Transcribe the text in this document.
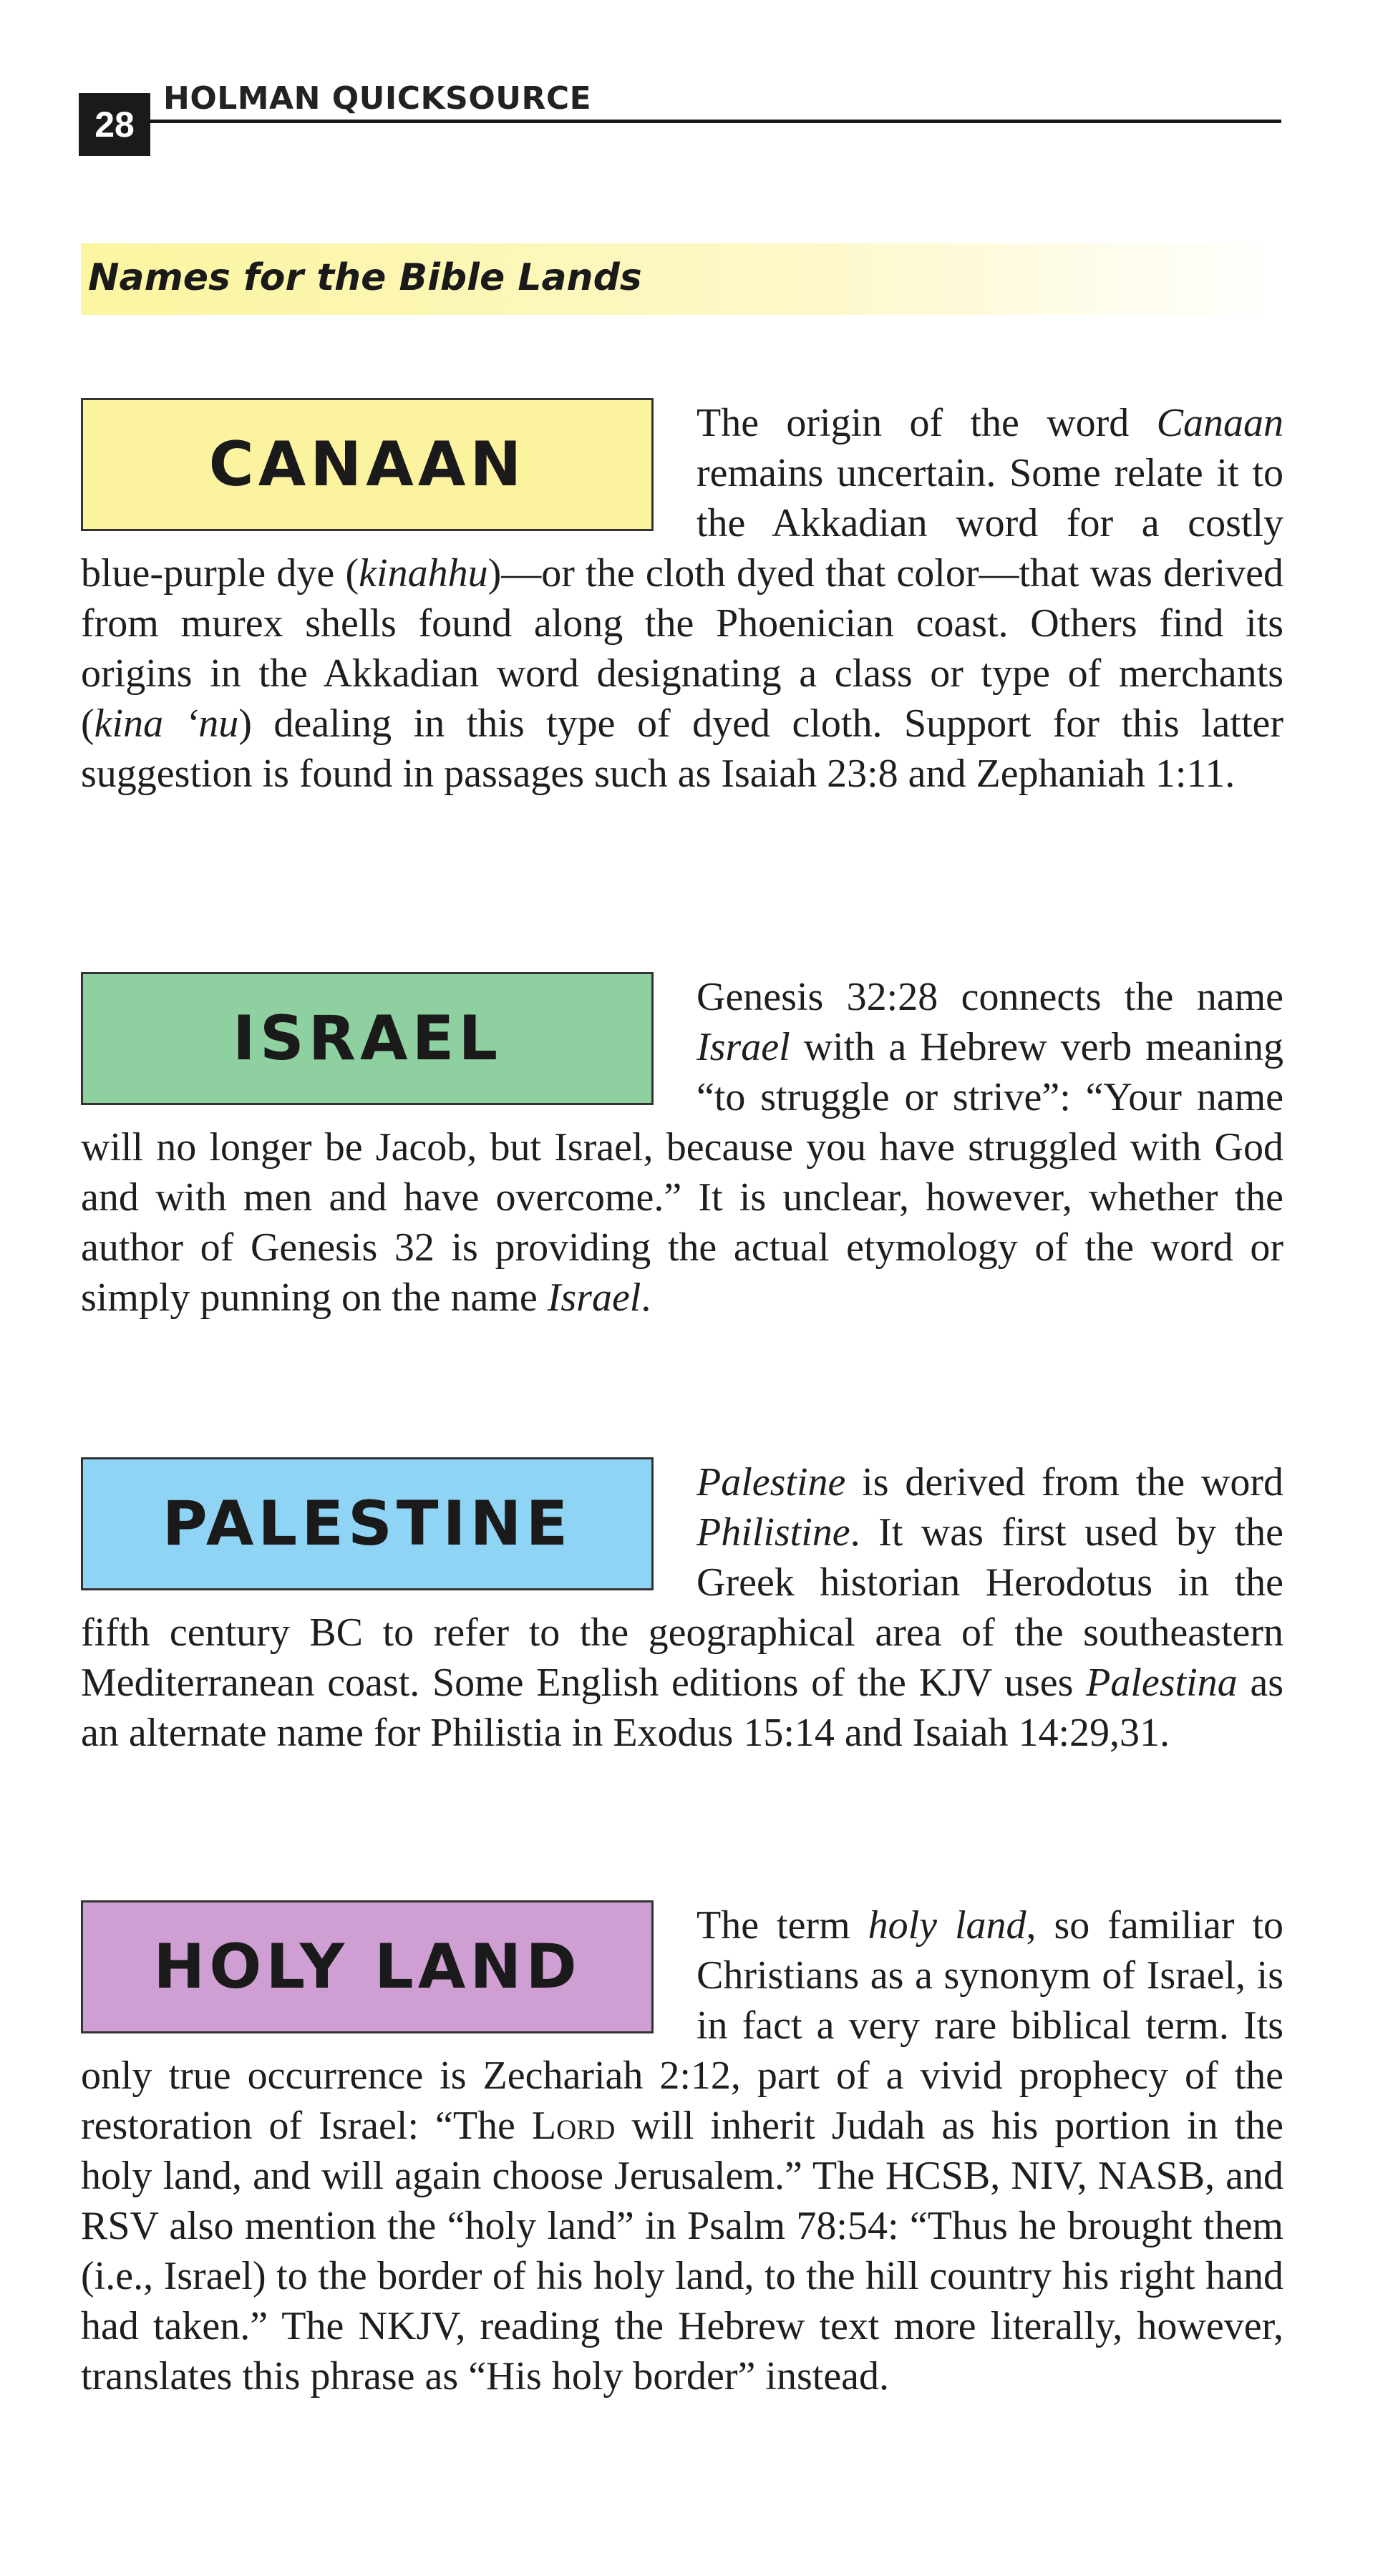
28
HOLMAN QUICKSOURCE
Names for the Bible Lands
CANAAN

The origin of the word Canaan remains uncertain. Some relate it to the Akkadian word for a costly blue-purple dye (kinahhu)—or the cloth dyed that color—that was derived from murex shells found along the Phoenician coast. Others find its origins in the Akkadian word designating a class or type of merchants (kina ‘nu) dealing in this type of dyed cloth. Support for this latter suggestion is found in passages such as Isaiah 23:8 and Zephaniah 1:11.

ISRAEL

Genesis 32:28 connects the name Israel with a Hebrew verb meaning “to struggle or strive”: “Your name will no longer be Jacob, but Israel, because you have struggled with God and with men and have overcome.” It is unclear, however, whether the author of Genesis 32 is providing the actual etymology of the word or simply punning on the name Israel.

PALESTINE

Palestine is derived from the word Philistine. It was first used by the Greek historian Herodotus in the fifth century BC to refer to the geographical area of the southeastern Mediterranean coast. Some English editions of the KJV uses Palestina as an alternate name for Philistia in Exodus 15:14 and Isaiah 14:29,31.

HOLY LAND

The term holy land, so familiar to Christians as a synonym of Israel, is in fact a very rare biblical term. Its only true occurrence is Zechariah 2:12, part of a vivid prophecy of the restoration of Israel: “The Lord will inherit Judah as his portion in the holy land, and will again choose Jerusalem.” The HCSB, NIV, NASB, and RSV also mention the “holy land” in Psalm 78:54: “Thus he brought them (i.e., Israel) to the border of his holy land, to the hill country his right hand had taken.” The NKJV, reading the Hebrew text more literally, however, translates this phrase as “His holy border” instead.
